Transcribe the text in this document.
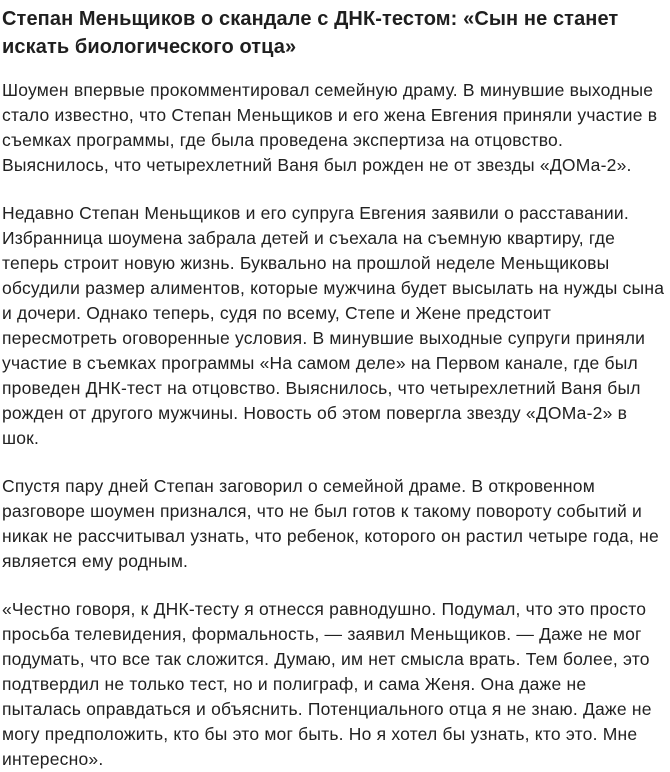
Степан Меньщиков о скандале с ДНК-тестом: «Сын не станет искать биологического отца»

Шоумен впервые прокомментировал семейную драму. В минувшие выходные стало известно, что Степан Меньщиков и его жена Евгения приняли участие в съемках программы, где была проведена экспертиза на отцовство. Выяснилось, что четырехлетний Ваня был рожден не от звезды «ДОМа-2».

Недавно Степан Меньщиков и его супруга Евгения заявили о расставании. Избранница шоумена забрала детей и съехала на съемную квартиру, где теперь строит новую жизнь. Буквально на прошлой неделе Меньщиковы обсудили размер алиментов, которые мужчина будет высылать на нужды сына и дочери. Однако теперь, судя по всему, Степе и Жене предстоит пересмотреть оговоренные условия. В минувшие выходные супруги приняли участие в съемках программы «На самом деле» на Первом канале, где был проведен ДНК-тест на отцовство. Выяснилось, что четырехлетний Ваня был рожден от другого мужчины. Новость об этом повергла звезду «ДОМа-2» в шок.

Спустя пару дней Степан заговорил о семейной драме. В откровенном разговоре шоумен признался, что не был готов к такому повороту событий и никак не рассчитывал узнать, что ребенок, которого он растил четыре года, не является ему родным.

«Честно говоря, к ДНК-тесту я отнесся равнодушно. Подумал, что это просто просьба телевидения, формальность, — заявил Меньщиков. — Даже не мог подумать, что все так сложится. Думаю, им нет смысла врать. Тем более, это подтвердил не только тест, но и полиграф, и сама Женя. Она даже не пыталась оправдаться и объяснить. Потенциального отца я не знаю. Даже не могу предположить, кто бы это мог быть. Но я хотел бы узнать, кто это. Мне интересно».
